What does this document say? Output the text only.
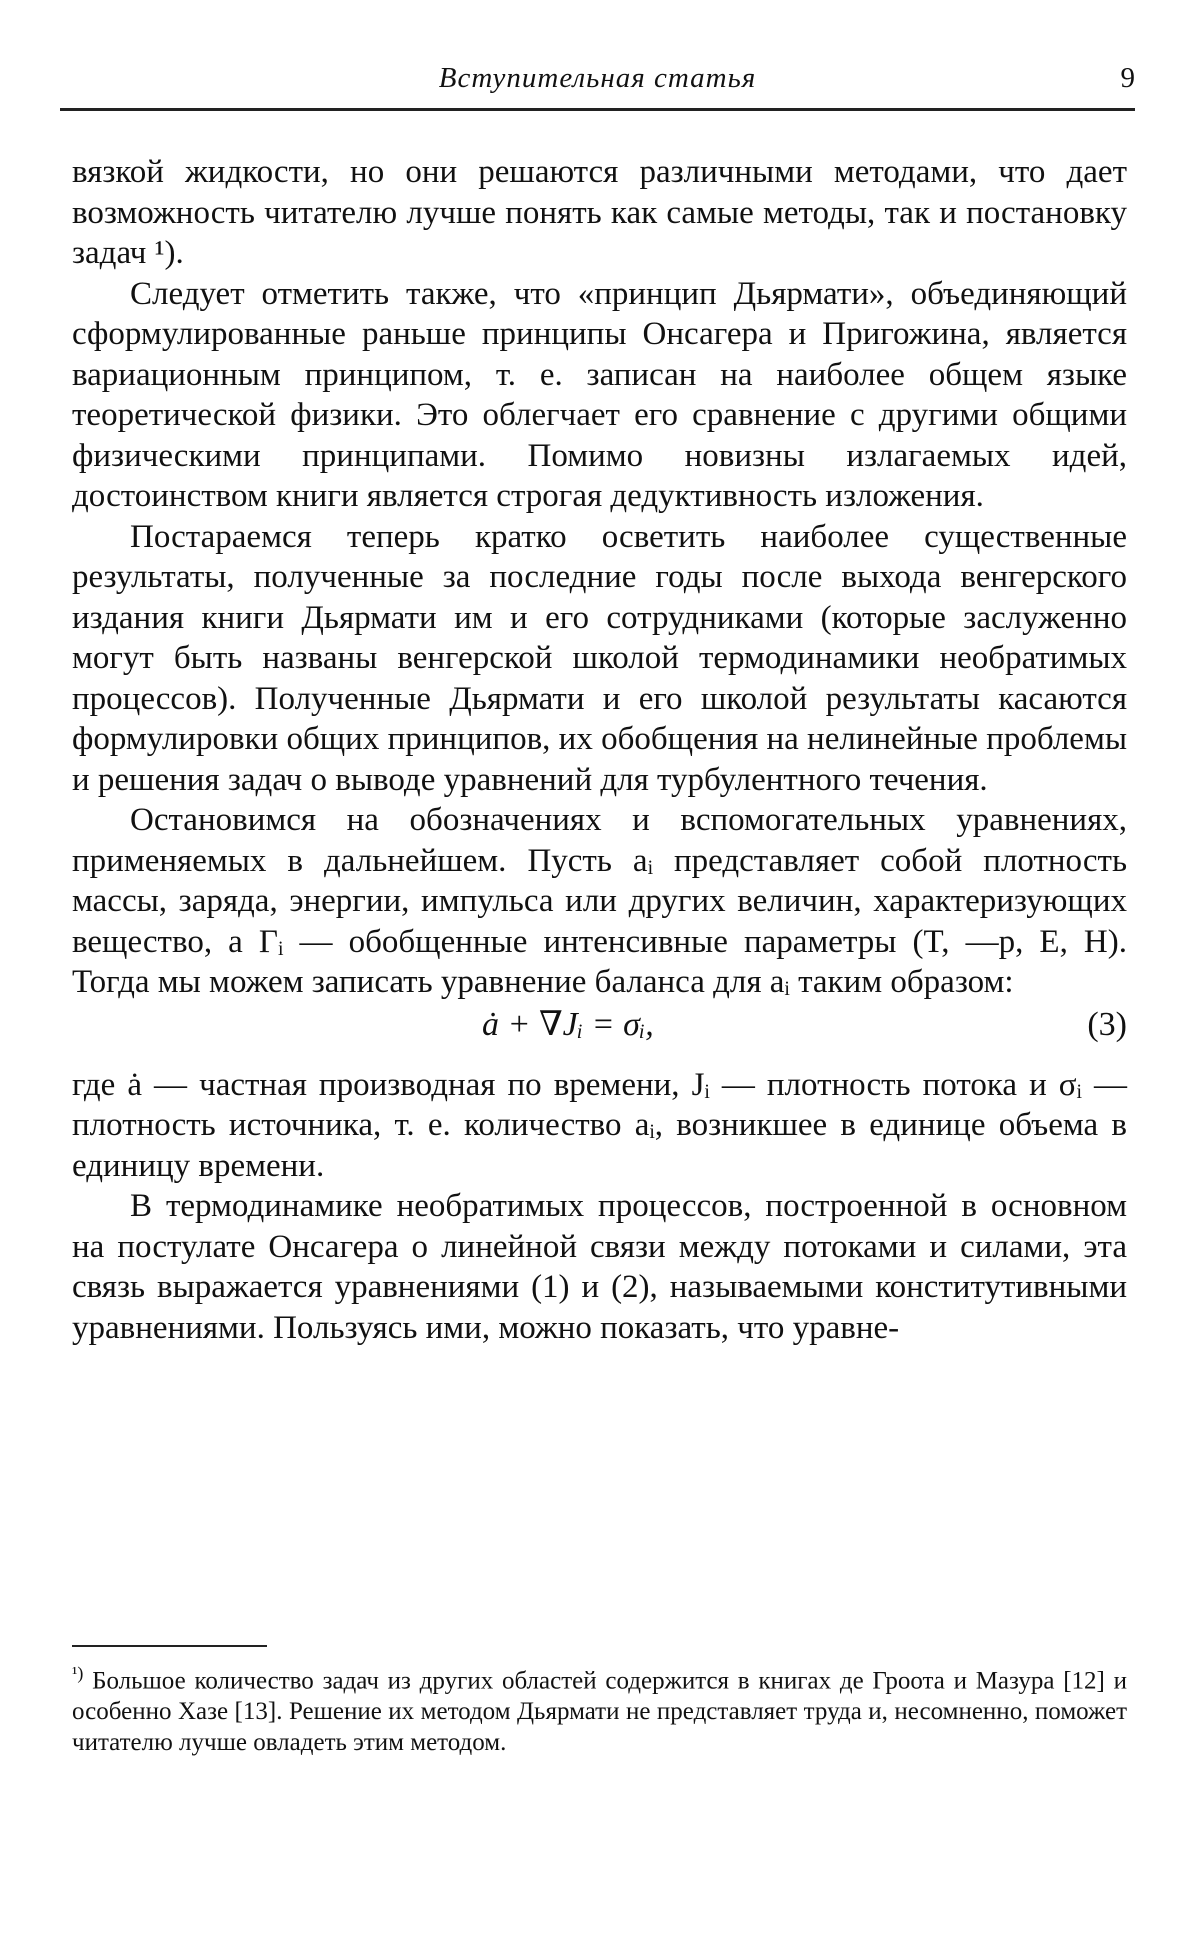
Вступительная статья	9

вязкой жидкости, но они решаются различными методами, что дает возможность читателю лучше понять как самые методы, так и постановку задач ¹).

Следует отметить также, что «принцип Дьярмати», объединяющий сформулированные раньше принципы Онсагера и Пригожина, является вариационным принципом, т. е. записан на наиболее общем языке теоретической физики. Это облегчает его сравнение с другими общими физическими принципами. Помимо новизны излагаемых идей, достоинством книги является строгая дедуктивность изложения.

Постараемся теперь кратко осветить наиболее существенные результаты, полученные за последние годы после выхода венгерского издания книги Дьярмати им и его сотрудниками (которые заслуженно могут быть названы венгерской школой термодинамики необратимых процессов). Полученные Дьярмати и его школой результаты касаются формулировки общих принципов, их обобщения на нелинейные проблемы и решения задач о выводе уравнений для турбулентного течения.

Остановимся на обозначениях и вспомогательных уравнениях, применяемых в дальнейшем. Пусть aᵢ представляет собой плотность массы, заряда, энергии, импульса или других величин, характеризующих вещество, а Γᵢ — обобщенные интенсивные параметры (T, —p, E, H). Тогда мы можем записать уравнение баланса для aᵢ таким образом:

ȧ + ∇Jᵢ = σᵢ,	(3)

где ȧ — частная производная по времени, Jᵢ — плотность потока и σᵢ — плотность источника, т. е. количество aᵢ, возникшее в единице объема в единицу времени.

В термодинамике необратимых процессов, построенной в основном на постулате Онсагера о линейной связи между потоками и силами, эта связь выражается уравнениями (1) и (2), называемыми конститутивными уравнениями. Пользуясь ими, можно показать, что уравне-

$^{^1)}$ Большое количество задач из других областей содержится в книгах де Гроота и Мазура [12] и особенно Хазе [13]. Решение их методом Дьярмати не представляет труда и, несомненно, поможет читателю лучше овладеть этим методом.
